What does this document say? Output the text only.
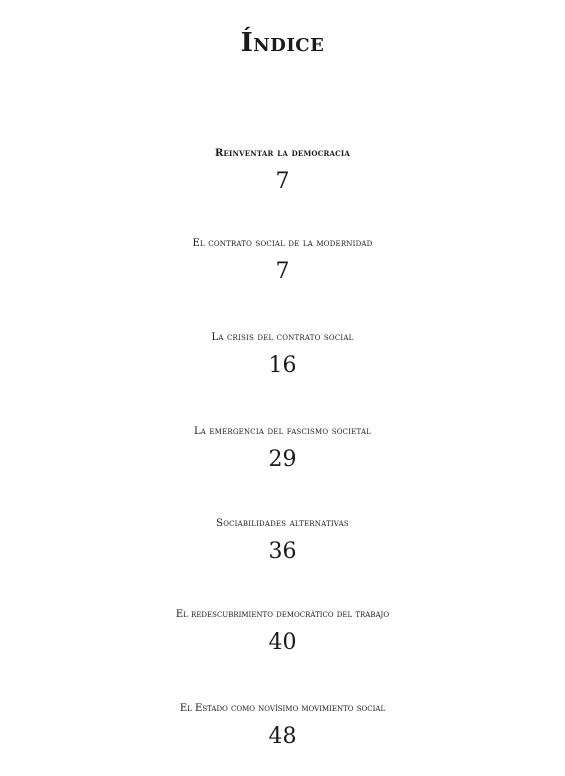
Índice
Reinventar la democracia
7
El contrato social de la modernidad
7
La crisis del contrato social
16
La emergencia del fascismo societal
29
Sociabilidades alternativas
36
El redescubrimiento democrático del trabajo
40
El Estado como novísimo movimiento social
48
